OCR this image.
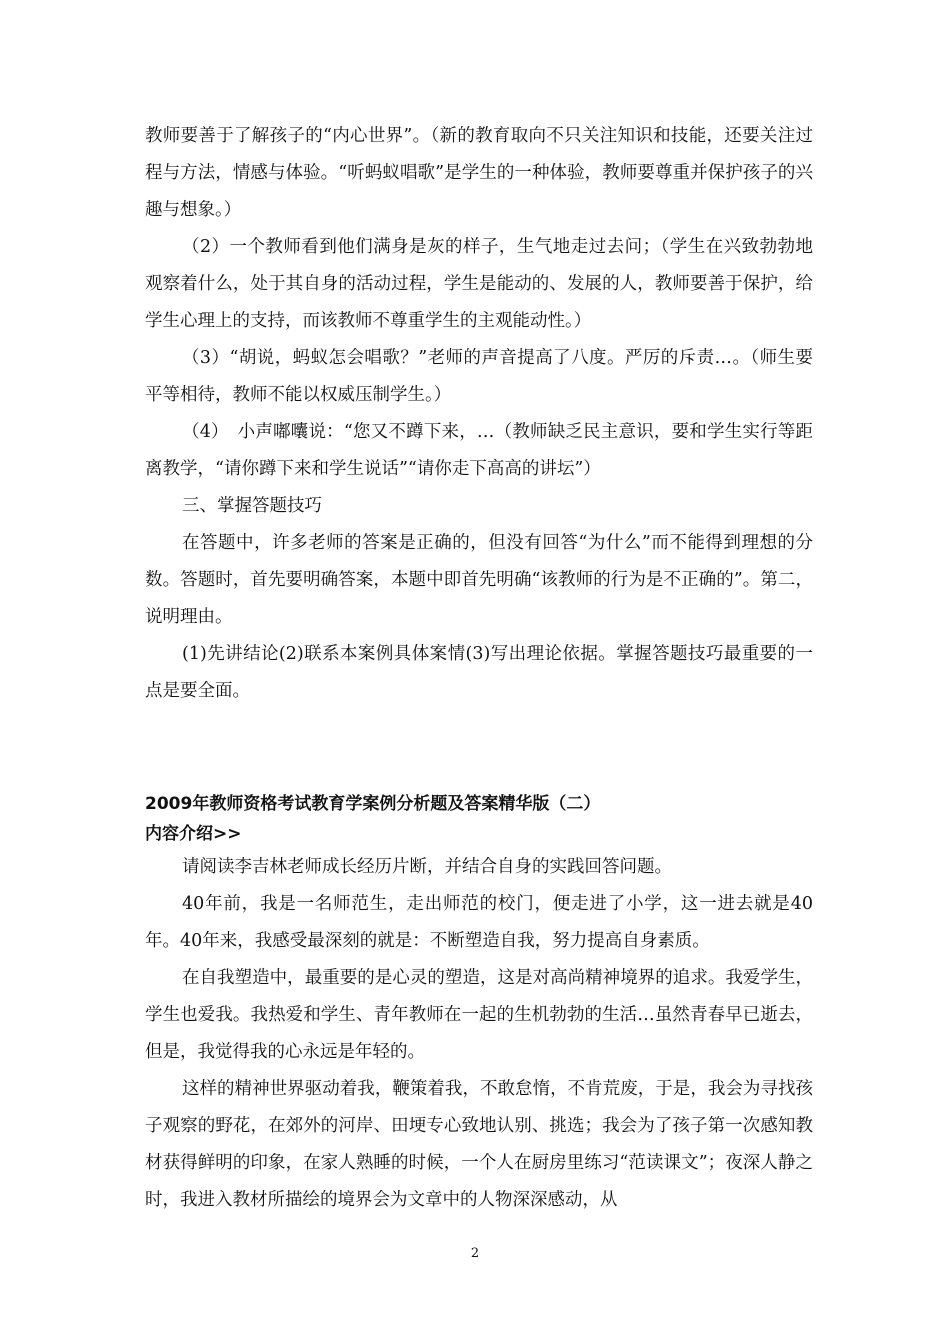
教师要善于了解孩子的“内心世界”。（新的教育取向不只关注知识和技能，还要关注过程与方法，情感与体验。“听蚂蚁唱歌”是学生的一种体验，教师要尊重并保护孩子的兴趣与想象。）

（2）一个教师看到他们满身是灰的样子，生气地走过去问；（学生在兴致勃勃地观察着什么，处于其自身的活动过程，学生是能动的、发展的人，教师要善于保护，给学生心理上的支持，而该教师不尊重学生的主观能动性。）

（3）“胡说，蚂蚁怎会唱歌？”老师的声音提高了八度。严厉的斥责…。（师生要平等相待，教师不能以权威压制学生。）

（4）　小声嘟囔说：“您又不蹲下来，…（教师缺乏民主意识，要和学生实行等距离教学，“请你蹲下来和学生说话”“请你走下高高的讲坛”）

三、掌握答题技巧

在答题中，许多老师的答案是正确的，但没有回答“为什么”而不能得到理想的分数。答题时，首先要明确答案，本题中即首先明确“该教师的行为是不正确的”。第二，说明理由。

(1)先讲结论(2)联系本案例具体案情(3)写出理论依据。掌握答题技巧最重要的一点是要全面。

2009年教师资格考试教育学案例分析题及答案精华版（二）
内容介绍>>

请阅读李吉林老师成长经历片断，并结合自身的实践回答问题。

40年前，我是一名师范生，走出师范的校门，便走进了小学，这一进去就是40年。40年来，我感受最深刻的就是：不断塑造自我，努力提高自身素质。

在自我塑造中，最重要的是心灵的塑造，这是对高尚精神境界的追求。我爱学生，学生也爱我。我热爱和学生、青年教师在一起的生机勃勃的生活…虽然青春早已逝去，但是，我觉得我的心永远是年轻的。

这样的精神世界驱动着我，鞭策着我，不敢怠惰，不肯荒废，于是，我会为寻找孩子观察的野花，在郊外的河岸、田埂专心致地认别、挑选；我会为了孩子第一次感知教材获得鲜明的印象，在家人熟睡的时候，一个人在厨房里练习“范读课文”；夜深人静之时，我进入教材所描绘的境界会为文章中的人物深深感动，从

2
